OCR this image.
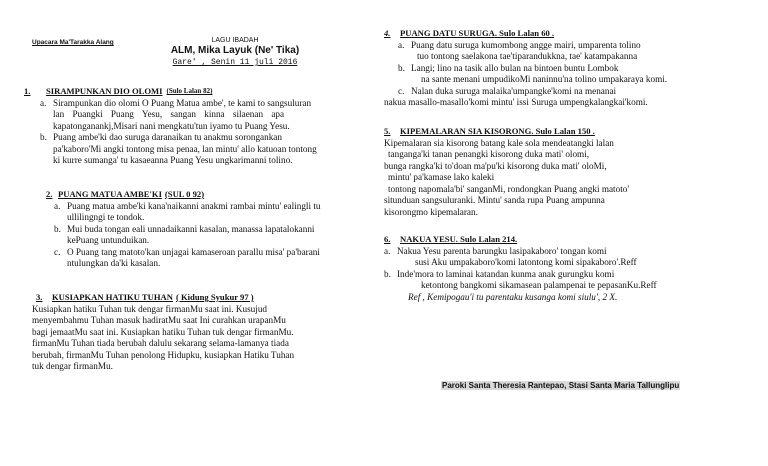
Upacara Ma'Tarakka Alang	LAGU IBADAH
ALM, Mika Layuk (Ne' Tika)
Gare' , Senin 11 juli 2016
1.	SIRAMPUNKAN DIO OLOMI (Sulo Lalan 82)
a. Sirampunkan dio olomi O Puang Matua ambe', te kami to sangsuluran
lan Puangki Puang Yesu, sangan kinna silaenan apa
kapatonganankj,Misari nani mengkatu'tun iyamo tu Puang Yesu.
b. Puang ambe'ki dao suruga daranaikan tu anakmu sorongankan
pa'kaboro'Mi angki tontong misa penaa, lan mintu' allo katuoan tontong
ki kurre sumanga' tu kasaeanna Puang Yesu ungkarimanni tolino.
2. PUANG MATUA AMBE'KI (SUL 0 92)
a. Puang matua ambe'ki kana'naikanni anakmi rambai mintu' ealingli tu
ullilingngi te tondok.
b. Mui buda tongan eali unnadaikanni kasalan, manassa lapatalokanni
kePuang untunduikan.
c. O Puang tang matoto'kan unjagai kamaseroan parallu misa' pa'barani
ntulungkan da'ki kasalan.
3.	KUSIAPKAN HATIKU TUHAN ( Kidung Syukur 97 )
Kusiapkan hatiku Tuhan tuk dengar firmanMu saat ini. Kusujud
menyembahmu Tuhan masuk hadiratMu saat Ini curahkan urapanMu
bagi jemaatMu saat ini. Kusiapkan hatiku Tuhan tuk dengar firmanMu.
firmanMu Tuhan tiada berubah dalulu sekarang selama-lamanya tiada
berubah, firmanMu Tuhan penolong Hidupku, kusiapkan Hatiku Tuhan
tuk dengar firmanMu.
4.	PUANG DATU SURUGA . Sulo Lalan 60 .
a. Puang datu suruga kumombong angge mairi, umparenta tolino
tuo tontong saelakona tae'tiparandukkna, tae' katampakanna
b. Langi; lino na tasik allo bulan na bintoen buntu Lombok
na sante menani umpudikoMi naninnu'na tolino umpakaraya komi.
c. Nalan duka suruga malaika'umpangke'komi na menanai
nakua masallo-masallo'komi mintu' issi Suruga umpengkalangkai'komi.
5.	KIPEMALARAN SIA KISORONG . Sulo Lalan 150 .
Kipemalaran sia kisorong batang kale sola mendeatangki lalan
tanganga'ki tanan penangki kisorong duka mati' olomi,
bunga rangka'ki to'doan ma'pu'ki kisorong duka mati' oloMi,
mintu' pa'kamase lako kaleki
tontong napomala'bi' sanganMi, rondongkan Puang angki matoto'
situnduan sangsuluranki. Mintu' sanda rupa Puang ampunna
kisorongmo kipemalaran.
6.	NAKUA YESU . Sulo Lalan 214.
a. Nakua Yesu parenta barungku lasipakaboro' tongan komi
susi Aku umpakaboro'komi latontong komi sipakaboro'.Reff
b. Inde'mora to laminai katandan kunma anak gurungku komi
ketontong bangkomi sikamasean palampenai te pepasanKu.Reff
Ref , Kemipogau'i tu parentaku kusanga komi siulu', 2 X.
Paroki Santa Theresia Rantepao, Stasi Santa Maria Tallunglipu
